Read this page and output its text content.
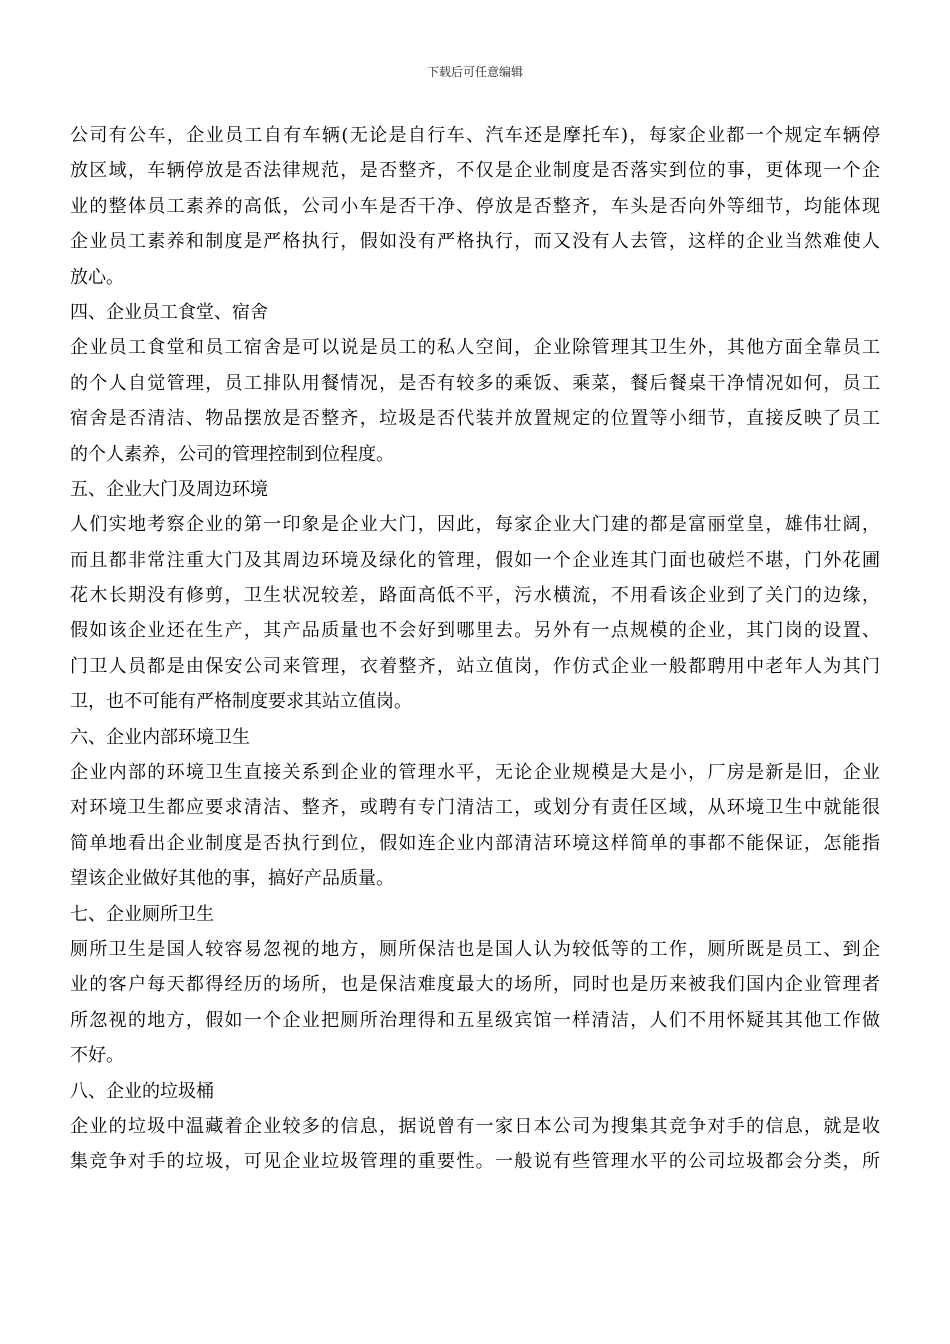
下载后可任意编辑
公司有公车，企业员工自有车辆(无论是自行车、汽车还是摩托车)，每家企业都一个规定车辆停
放区域，车辆停放是否法律规范，是否整齐，不仅是企业制度是否落实到位的事，更体现一个企
业的整体员工素养的高低，公司小车是否干净、停放是否整齐，车头是否向外等细节，均能体现
企业员工素养和制度是严格执行，假如没有严格执行，而又没有人去管，这样的企业当然难使人
放心。
四、企业员工食堂、宿舍
企业员工食堂和员工宿舍是可以说是员工的私人空间，企业除管理其卫生外，其他方面全靠员工
的个人自觉管理，员工排队用餐情况，是否有较多的乘饭、乘菜，餐后餐桌干净情况如何，员工
宿舍是否清洁、物品摆放是否整齐，垃圾是否代装并放置规定的位置等小细节，直接反映了员工
的个人素养，公司的管理控制到位程度。
五、企业大门及周边环境
人们实地考察企业的第一印象是企业大门，因此，每家企业大门建的都是富丽堂皇，雄伟壮阔，
而且都非常注重大门及其周边环境及绿化的管理，假如一个企业连其门面也破烂不堪，门外花圃
花木长期没有修剪，卫生状况较差，路面高低不平，污水横流，不用看该企业到了关门的边缘，
假如该企业还在生产，其产品质量也不会好到哪里去。另外有一点规模的企业，其门岗的设置、
门卫人员都是由保安公司来管理，衣着整齐，站立值岗，作仿式企业一般都聘用中老年人为其门
卫，也不可能有严格制度要求其站立值岗。
六、企业内部环境卫生
企业内部的环境卫生直接关系到企业的管理水平，无论企业规模是大是小，厂房是新是旧，企业
对环境卫生都应要求清洁、整齐，或聘有专门清洁工，或划分有责任区域，从环境卫生中就能很
简单地看出企业制度是否执行到位，假如连企业内部清洁环境这样简单的事都不能保证，怎能指
望该企业做好其他的事，搞好产品质量。
七、企业厕所卫生
厕所卫生是国人较容易忽视的地方，厕所保洁也是国人认为较低等的工作，厕所既是员工、到企
业的客户每天都得经历的场所，也是保洁难度最大的场所，同时也是历来被我们国内企业管理者
所忽视的地方，假如一个企业把厕所治理得和五星级宾馆一样清洁，人们不用怀疑其其他工作做
不好。
八、企业的垃圾桶
企业的垃圾中温藏着企业较多的信息，据说曾有一家日本公司为搜集其竞争对手的信息，就是收
集竞争对手的垃圾，可见企业垃圾管理的重要性。一般说有些管理水平的公司垃圾都会分类，所
